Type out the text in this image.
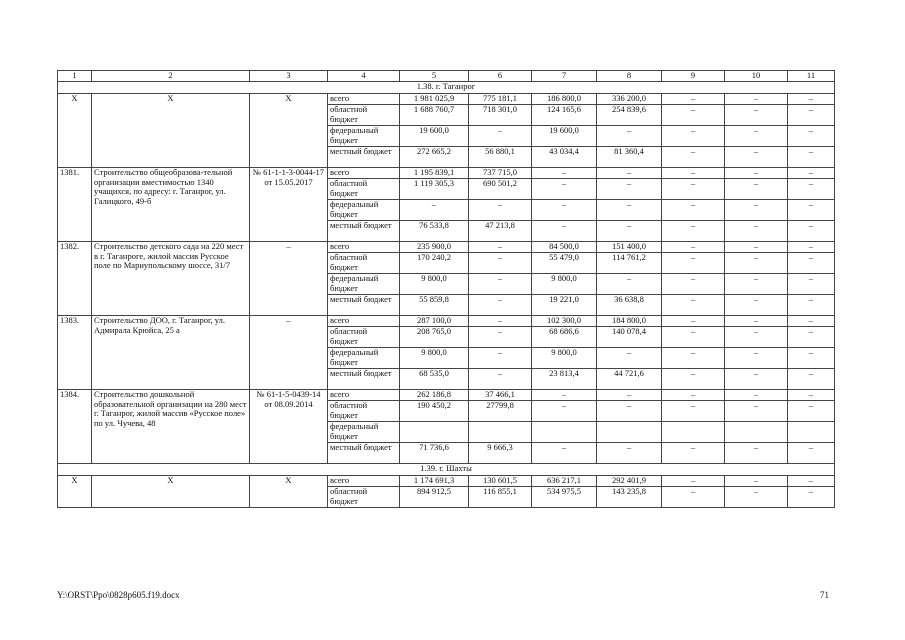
1	2	3	4	5	6	7	8	9	10	11
1.38. г. Таганрог										
Х	Х	Х	всего	1 981 025,9	775 181,1	186 800,0	336 200,0	–	–	–
			областной бюджет	1 688 760,7	718 301,0	124 165,6	254 839,6	–	–	–
			федеральный бюджет	19 600,0	–	19 600,0	–	–	–	–
			местный бюджет	272 665,2	56 880,1	43 034,4	81 360,4	–	–	–
1381.	Строительство общеобразова-тельной организации вместимостью 1340 учащихся, по адресу: г. Таганрог, ул. Галицкого, 49-б	№ 61-1-1-3-0044-17 от 15.05.2017	всего	1 195 839,1	737 715,0	–	–	–	–	–
			областной бюджет	1 119 305,3	690 501,2	–	–	–	–	–
			федеральный бюджет	–	–	–	–	–	–	–
			местный бюджет	76 533,8	47 213,8	–	–	–	–	–
1382.	Строительство детского сада на 220 мест в г. Таганроге, жилой массив Русское поле по Мариупольскому шоссе, 31/7	–	всего	235 900,0	–	84 500,0	151 400,0	–	–	–
			областной бюджет	170 240,2	–	55 479,0	114 761,2	–	–	–
			федеральный бюджет	9 800,0	–	9 800,0	–	–	–	–
			местный бюджет	55 859,8	–	19 221,0	36 638,8	–	–	–
1383.	Строительство ДОО, г. Таганрог, ул. Адмирала Крюйса, 25 а	–	всего	287 100,0	–	102 300,0	184 800,0	–	–	–
			областной бюджет	208 765,0	–	68 686,6	140 078,4	–	–	–
			федеральный бюджет	9 800,0	–	9 800,0	–	–	–	–
			местный бюджет	68 535,0	–	23 813,4	44 721,6	–	–	–
1384.	Строительство дошкольной образовательной организации на 280 мест г. Таганрог, жилой массив «Русское поле» по ул. Чучева, 48	№ 61-1-5-0439-14 от 08.09.2014	всего	262 186,8	37 466,1	–	–	–	–	–
			областной бюджет	190 450,2	27799,8	–	–	–	–	–
			федеральный бюджет							
			местный бюджет	71 736,6	9 666,3	–	–	–	–	–
1.39. г. Шахты										
Х	Х	Х	всего	1 174 691,3	130 601,5	636 217,1	292 401,9	–	–	–
			областной бюджет	894 912,5	116 855,1	534 975,5	143 235,8	–	–	–
Y:\ORST\Ppo\0828p605.f19.docx	71
